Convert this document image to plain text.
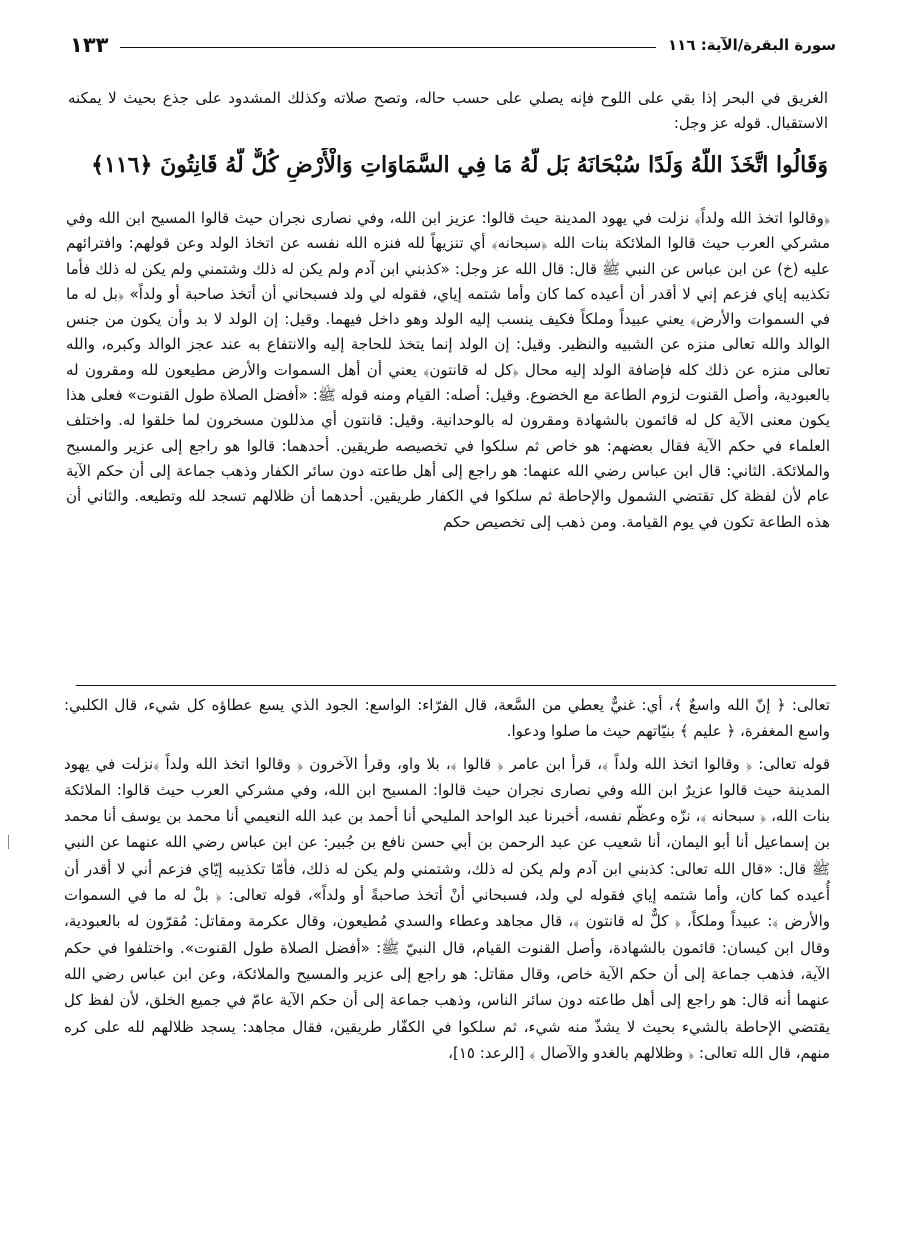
سورة البقرة/الآية: ١١٦
١٣٣

الغريق في البحر إذا بقي على اللوح فإنه يصلي على حسب حاله، وتصح صلاته وكذلك المشدود على جذع بحيث لا يمكنه الاستقبال. قوله عز وجل:

وَقَالُوا اتَّخَذَ اللَّهُ وَلَدًا سُبْحَانَهُ بَل لَّهُ مَا فِي السَّمَاوَاتِ وَالْأَرْضِ كُلٌّ لَّهُ قَانِتُونَ ﴿١١٦﴾

﴿وقالوا اتخذ الله ولداً﴾ نزلت في يهود المدينة حيث قالوا: عزيز ابن الله، وفي نصارى نجران حيث قالوا المسيح ابن الله وفي مشركي العرب حيث قالوا الملائكة بنات الله ﴿سبحانه﴾ أي تنزيهاً لله فنزه الله نفسه عن اتخاذ الولد وعن قولهم: وافترائهم عليه (خ) عن ابن عباس عن النبي ﷺ قال: قال الله عز وجل: «كذبني ابن آدم ولم يكن له ذلك وشتمني ولم يكن له ذلك فأما تكذيبه إياي فزعم إني لا أقدر أن أعيده كما كان وأما شتمه إياي، فقوله لي ولد فسبحاني أن أتخذ صاحبة أو ولداً» ﴿بل له ما في السموات والأرض﴾ يعني عبيداً وملكاً فكيف ينسب إليه الولد وهو داخل فيهما. وقيل: إن الولد لا بد وأن يكون من جنس الوالد والله تعالى منزه عن الشبيه والنظير. وقيل: إن الولد إنما يتخذ للحاجة إليه والانتفاع به عند عجز الوالد وكبره، والله تعالى منزه عن ذلك كله فإضافة الولد إليه محال ﴿كل له قانتون﴾ يعني أن أهل السموات والأرض مطيعون لله ومقرون له بالعبودية، وأصل القنوت لزوم الطاعة مع الخضوع. وقيل: أصله: القيام ومنه قوله ﷺ: «أفضل الصلاة طول القنوت» فعلى هذا يكون معنى الآية كل له قائمون بالشهادة ومقرون له بالوحدانية. وقيل: قانتون أي مذللون مسخرون لما خلقوا له. واختلف العلماء في حكم الآية فقال بعضهم: هو خاص ثم سلكوا في تخصيصه طريقين. أحدهما: قالوا هو راجع إلى عزير والمسيح والملائكة. الثاني: قال ابن عباس رضي الله عنهما: هو راجع إلى أهل طاعته دون سائر الكفار وذهب جماعة إلى أن حكم الآية عام لأن لفظة كل تقتضي الشمول والإحاطة ثم سلكوا في الكفار طريقين. أحدهما أن ظلالهم تسجد لله وتطيعه. والثاني أن هذه الطاعة تكون في يوم القيامة. ومن ذهب إلى تخصيص حكم

تعالى: ﴿ إنّ الله واسعٌ ﴾، أي: غنيٌّ يعطي من السَّعة، قال الفرّاء: الواسع: الجود الذي يسع عطاؤه كل شيء، قال الكلبي: واسع المغفرة، ﴿ عليم ﴾ بنيّاتهم حيث ما صلوا ودعوا.

قوله تعالى: ﴿ وقالوا اتخذ الله ولداً ﴾، قرأ ابن عامر ﴿ قالوا ﴾، بلا واو، وقرأ الآخرون ﴿ وقالوا اتخذ الله ولداً ﴾نزلت في يهود المدينة حيث قالوا عزيرٌ ابن الله وفي نصارى نجران حيث قالوا: المسيح ابن الله، وفي مشركي العرب حيث قالوا: الملائكة بنات الله، ﴿ سبحانه ﴾، نزّه وعظّم نفسه، أخبرنا عبد الواحد المليحي أنا أحمد بن عبد الله النعيمي أنا محمد بن يوسف أنا محمد بن إسماعيل أنا أبو اليمان، أنا شعيب عن عبد الرحمن بن أبي حسن نافع بن جُبير: عن ابن عباس رضي الله عنهما عن النبي ﷺ قال: «قال الله تعالى: كذبني ابن آدم ولم يكن له ذلك، وشتمني ولم يكن له ذلك، فأمّا تكذيبه إيّاي فزعم أني لا أقدر أن أُعيده كما كان، وأما شتمه إياي فقوله لي ولد، فسبحاني أنْ أتخذ صاحبةً أو ولداً»، قوله تعالى: ﴿ بلْ له ما في السموات والأرض ﴾: عبيداً وملكاً، ﴿ كلٌّ له قانتون ﴾، قال مجاهد وعطاء والسدي مُطيعون، وقال عكرمة ومقاتل: مُقرّون له بالعبودية، وقال ابن كيسان: قائمون بالشهادة، وأصل القنوت القيام، قال النبيّ ﷺ: «أفضل الصلاة طول القنوت». واختلفوا في حكم الآية، فذهب جماعة إلى أن حكم الآية خاص، وقال مقاتل: هو راجع إلى عزير والمسيح والملائكة، وعن ابن عباس رضي الله عنهما أنه قال: هو راجع إلى أهل طاعته دون سائر الناس، وذهب جماعة إلى أن حكم الآية عامّ في جميع الخلق، لأن لفظ كل يقتضي الإحاطة بالشيء بحيث لا يشذّ منه شيء، ثم سلكوا في الكفّار طريقين، فقال مجاهد: يسجد ظلالهم لله على كره منهم، قال الله تعالى: ﴿ وظلالهم بالغدو والآصال ﴾ [الرعد: ١٥]،
